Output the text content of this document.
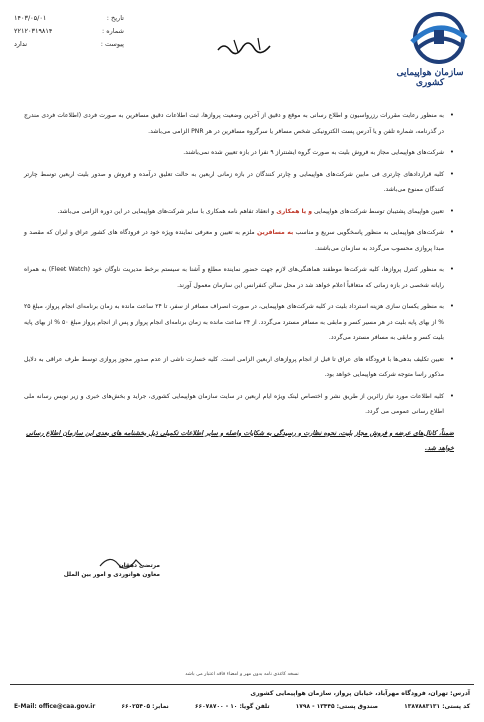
سازمان هواپیمایی کشوری
تاریخ :
۱۴۰۳/۰۵/۰۱
شماره :
۲۲۱۲۰۳۱۹۸۱۴
پیوست :
ندارد
•
به منظور رعایت مقررات رزرواسیون و اطلاع رسانی به موقع و دقیق از آخرین وضعیت پروازها، ثبت اطلاعات دقیق مسافرین به صورت فردی (اطلاعات فردی مندرج در گذرنامه، شماره تلفن و یا آدرس پست الکترونیکی شخص مسافر یا سرگروه مسافرین در هر PNR الزامی می‌باشد.
•
شرکت‌های هواپیمایی مجاز به فروش بلیت به صورت گروه ایشنتراز ۹ نفرا در بازه تعیین شده نمی‌باشند.
•
کلیه قراردادهای چارتری فی مابین شرکت‌های هواپیمایی و چارتر کنندگان در بازه زمانی اربعین به حالت تعلیق درآمده و فروش و صدور بلیت اربعین توسط چارتر کنندگان ممنوع می‌باشد.
•
تعیین هواپیمای پشتیبان توسط شرکت‌های هواپیمایی و یا همکاری و انعقاد تفاهم نامه همکاری با سایر شرکت‌های هواپیمایی در این دوره الزامی می‌باشد.
•
شرکت‌های هواپیمایی به منظور پاسخگویی سریع و مناسب به مسافرین ملزم به تعیین و معرفی نماینده ویژه خود در فرودگاه های کشور عراق و ایران که مقصد و مبدا پروازی محسوب می‌گردد به سازمان می‌باشند.
•
به منظور کنترل پروازها، کلیه شرکت‌ها موظفند هماهنگی‌های لازم جهت حضور نماینده مطلع و آشنا به سیستم برخط مدیریت ناوگان خود (Fleet Watch) به همراه رایانه شخصی در بازه زمانی که متعاقباً اعلام خواهد شد در محل سالن کنفرانس این سازمان معمول آورند.
•
به منظور یکسان سازی هزینه استرداد بلیت در کلیه شرکت‌های هواپیمایی، در صورت انصراف مسافر از سفر، تا ۲۴ ساعت مانده به زمان برنامه‌ای انجام پرواز، مبلغ ۲۵ % از بهای پایه بلیت در هر مسیر کسر و مابقی به مسافر مسترد می‌گردد. از ۲۴ ساعت مانده به زمان برنامه‌ای انجام پرواز و پس از انجام پرواز مبلغ ۵۰ % از بهای پایه بلیت کسر و مابقی به مسافر مسترد می‌گردد.
•
تعیین تکلیف بدهی‌ها با فرودگاه های عراق تا قبل از انجام پروازهای اربعین الزامی است. کلیه خسارت ناشی از عدم صدور مجوز پروازی توسط طرف عراقی به دلایل مذکور راسا متوجه شرکت هواپیمایی خواهد بود.
•
کلیه اطلاعات مورد نیاز زائرین از طریق نشر و اختصاص لینک ویژه ایام اربعین در سایت سازمان هواپیمایی کشوری، جراید و بخش‌های خبری و زیر نویس رسانه ملی اطلاع رسانی عمومی می گردد.
ضمناً، کانال‌های عرضه و فروش مجاز بلیت، نحوه نظارت و رسیدگی به شکایات واصله و سایر اطلاعات تکمیلی ذیل بخشنامه های بعدی این سازمان اطلاع رسانی خواهد شد.
مرتضی دهقان
معاون هوانوردی و امور بین الملل
نسخه کاغذی نامه بدون مهر و امضاء فاقد اعتبار می باشد
آدرس: تهران، فرودگاه مهرآباد، خیابان پرواز، سازمان هواپیمایی کشوری
کد پستی: ۱۳۸۷۸۸۳۱۳۱
صندوق پستی: ۱۳۴۴۵ - ۱۷۹۸
تلفن گویا: ۱۰ - ۶۶۰۷۸۷۰۰
نمابر: ۶۶۰۲۵۴۰۵
E-Mail: office@caa.gov.ir
